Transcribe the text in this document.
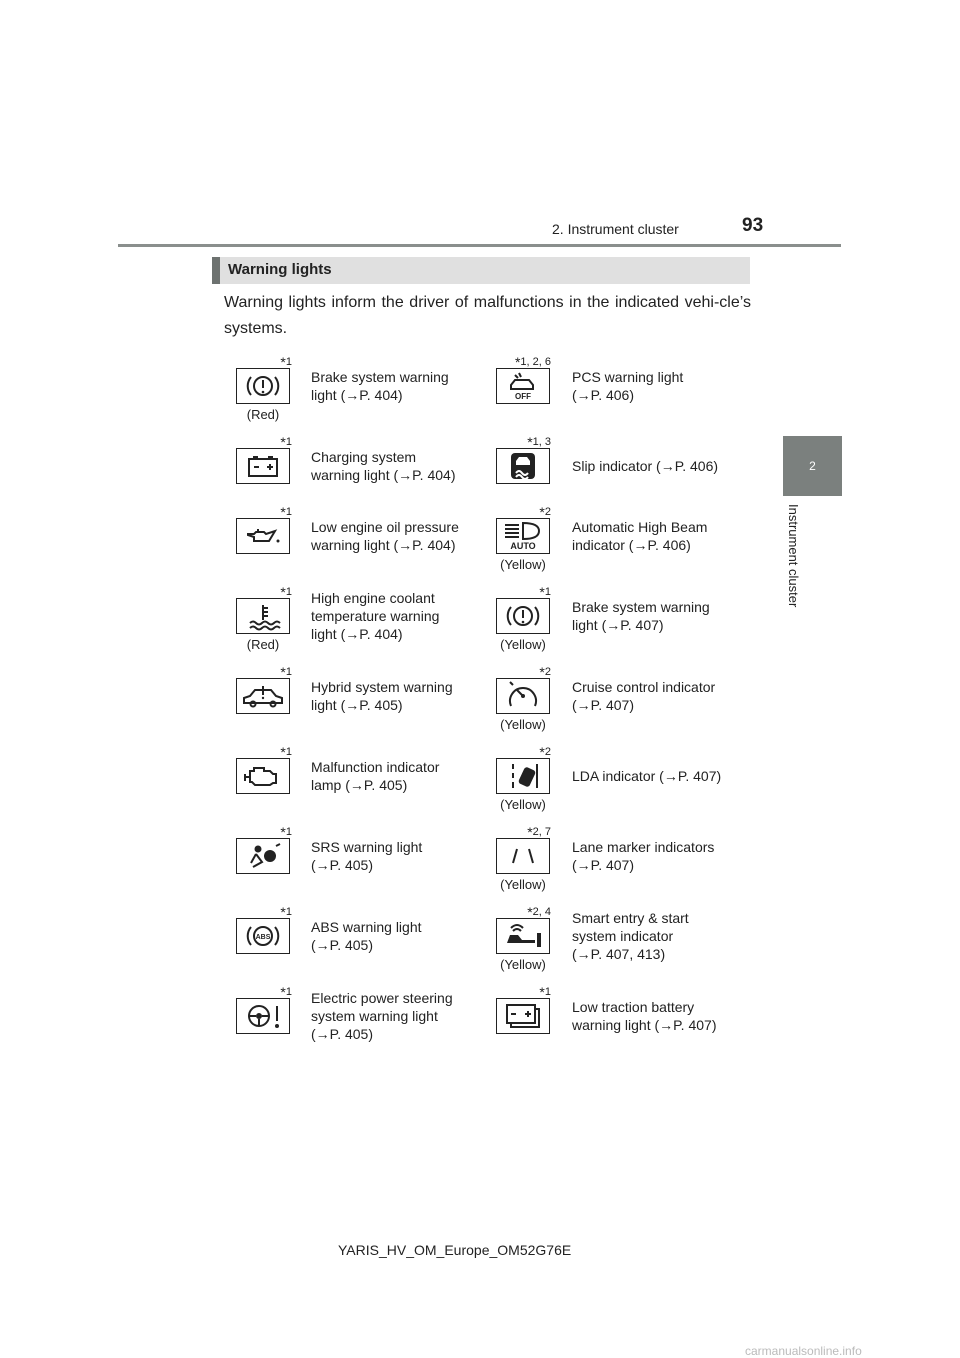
2. Instrument cluster	93
2
Instrument cluster
Warning lights
Warning lights inform the driver of malfunctions in the indicated vehi-cle’s systems.
*1
(Red)
Brake system warning
light (→P. 404)
*1
Charging system
warning light (→P. 404)
*1
Low engine oil pressure
warning light (→P. 404)
*1
(Red)
High engine coolant
temperature warning
light (→P. 404)
*1
Hybrid system warning
light (→P. 405)
*1
Malfunction indicator
lamp (→P. 405)
*1
SRS warning light
(→P. 405)
*1
ABS
ABS warning light
(→P. 405)
*1 Electric power steering
system warning light
(→P. 405)
*1, 2, 6
OFF
PCS warning light
(→P. 406)
*1, 3
Slip indicator (→P. 406)
*2
AUTO
(Yellow)
Automatic High Beam
indicator (→P. 406)
*1
(Yellow)
Brake system warning
light (→P. 407)
*2
(Yellow)
Cruise control indicator
(→P. 407)
*2
(Yellow)
LDA indicator (→P. 407)
*2, 7
(Yellow)
Lane marker indicators
(→P. 407)
*2, 4
(Yellow)
Smart entry & start
system indicator
(→P. 407, 413)
*1
Low traction battery
warning light (→P. 407)
YARIS_HV_OM_Europe_OM52G76E
carmanualsonline.info
